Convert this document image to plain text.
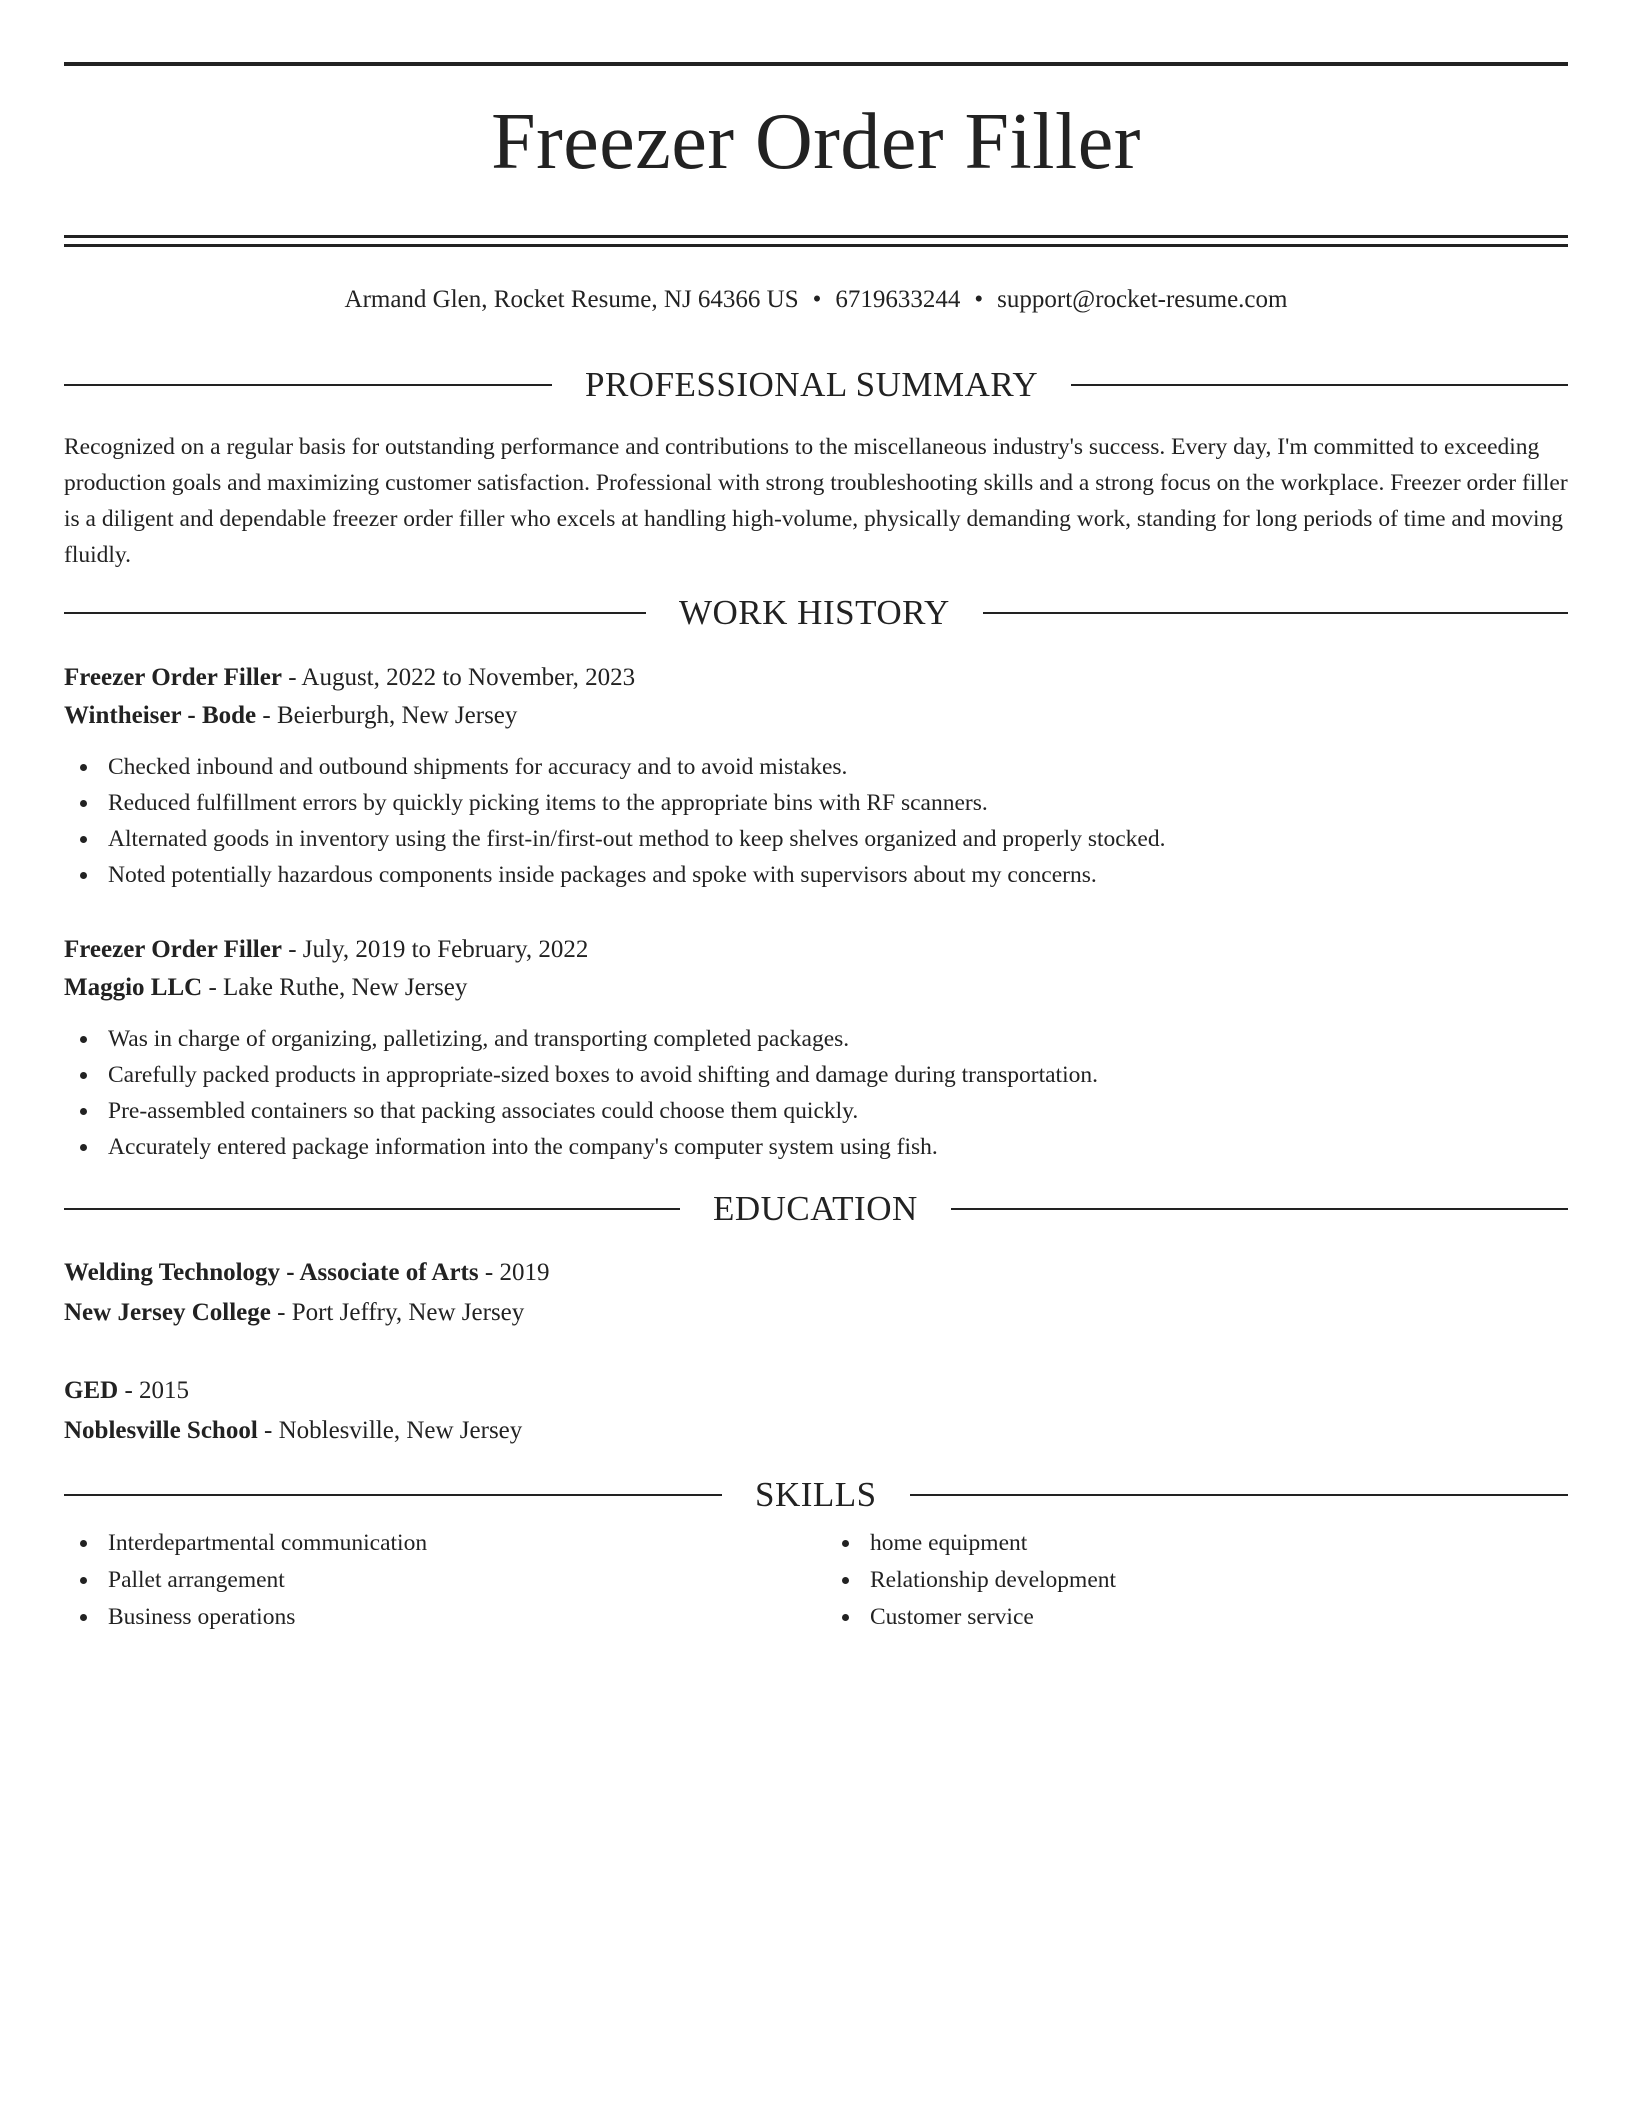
Freezer Order Filler
Armand Glen, Rocket Resume, NJ 64366 US • 6719633244 • support@rocket-resume.com
PROFESSIONAL SUMMARY

Recognized on a regular basis for outstanding performance and contributions to the miscellaneous industry's success. Every day, I'm committed to exceeding production goals and maximizing customer satisfaction. Professional with strong troubleshooting skills and a strong focus on the workplace. Freezer order filler is a diligent and dependable freezer order filler who excels at handling high-volume, physically demanding work, standing for long periods of time and moving fluidly.

WORK HISTORY
Freezer Order Filler - August, 2022 to November, 2023
Wintheiser - Bode - Beierburgh, New Jersey
Checked inbound and outbound shipments for accuracy and to avoid mistakes.
Reduced fulfillment errors by quickly picking items to the appropriate bins with RF scanners.
Alternated goods in inventory using the first-in/first-out method to keep shelves organized and properly stocked.
Noted potentially hazardous components inside packages and spoke with supervisors about my concerns.
Freezer Order Filler - July, 2019 to February, 2022
Maggio LLC - Lake Ruthe, New Jersey
Was in charge of organizing, palletizing, and transporting completed packages.
Carefully packed products in appropriate-sized boxes to avoid shifting and damage during transportation.
Pre-assembled containers so that packing associates could choose them quickly.
Accurately entered package information into the company's computer system using fish.
EDUCATION
Welding Technology - Associate of Arts - 2019
New Jersey College - Port Jeffry, New Jersey
GED - 2015
Noblesville School - Noblesville, New Jersey
SKILLS
Interdepartmental communication
Pallet arrangement
Business operations
home equipment
Relationship development
Customer service
